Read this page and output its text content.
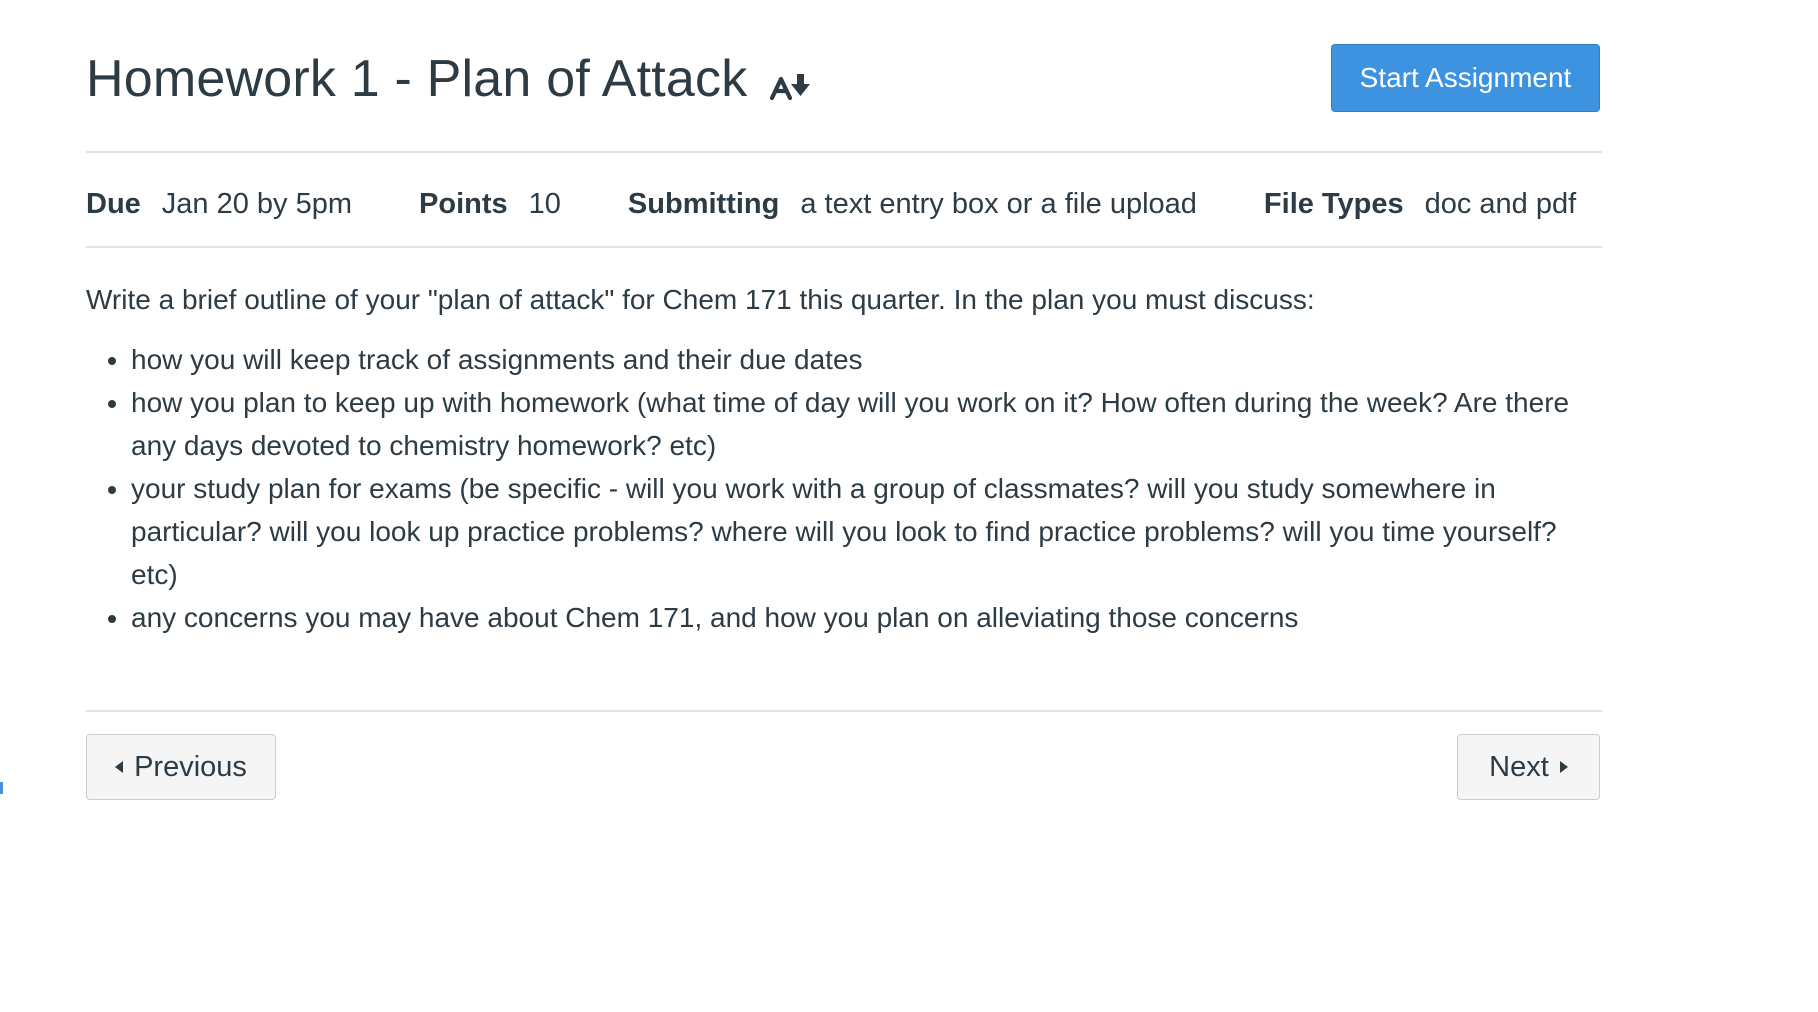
Homework 1 - Plan of Attack	Start Assignment
Due Jan 20 by 5pm Points 10 Submitting a text entry box or a file upload File Types doc and pdf

Write a brief outline of your "plan of attack" for Chem 171 this quarter. In the plan you must discuss:

• how you will keep track of assignments and their due dates
• how you plan to keep up with homework (what time of day will you work on it? How often during the week? Are there any days devoted to chemistry homework? etc)
• your study plan for exams (be specific - will you work with a group of classmates? will you study somewhere in particular? will you look up practice problems? where will you look to find practice problems? will you time yourself? etc)
• any concerns you may have about Chem 171, and how you plan on alleviating those concerns
Previous	Next
